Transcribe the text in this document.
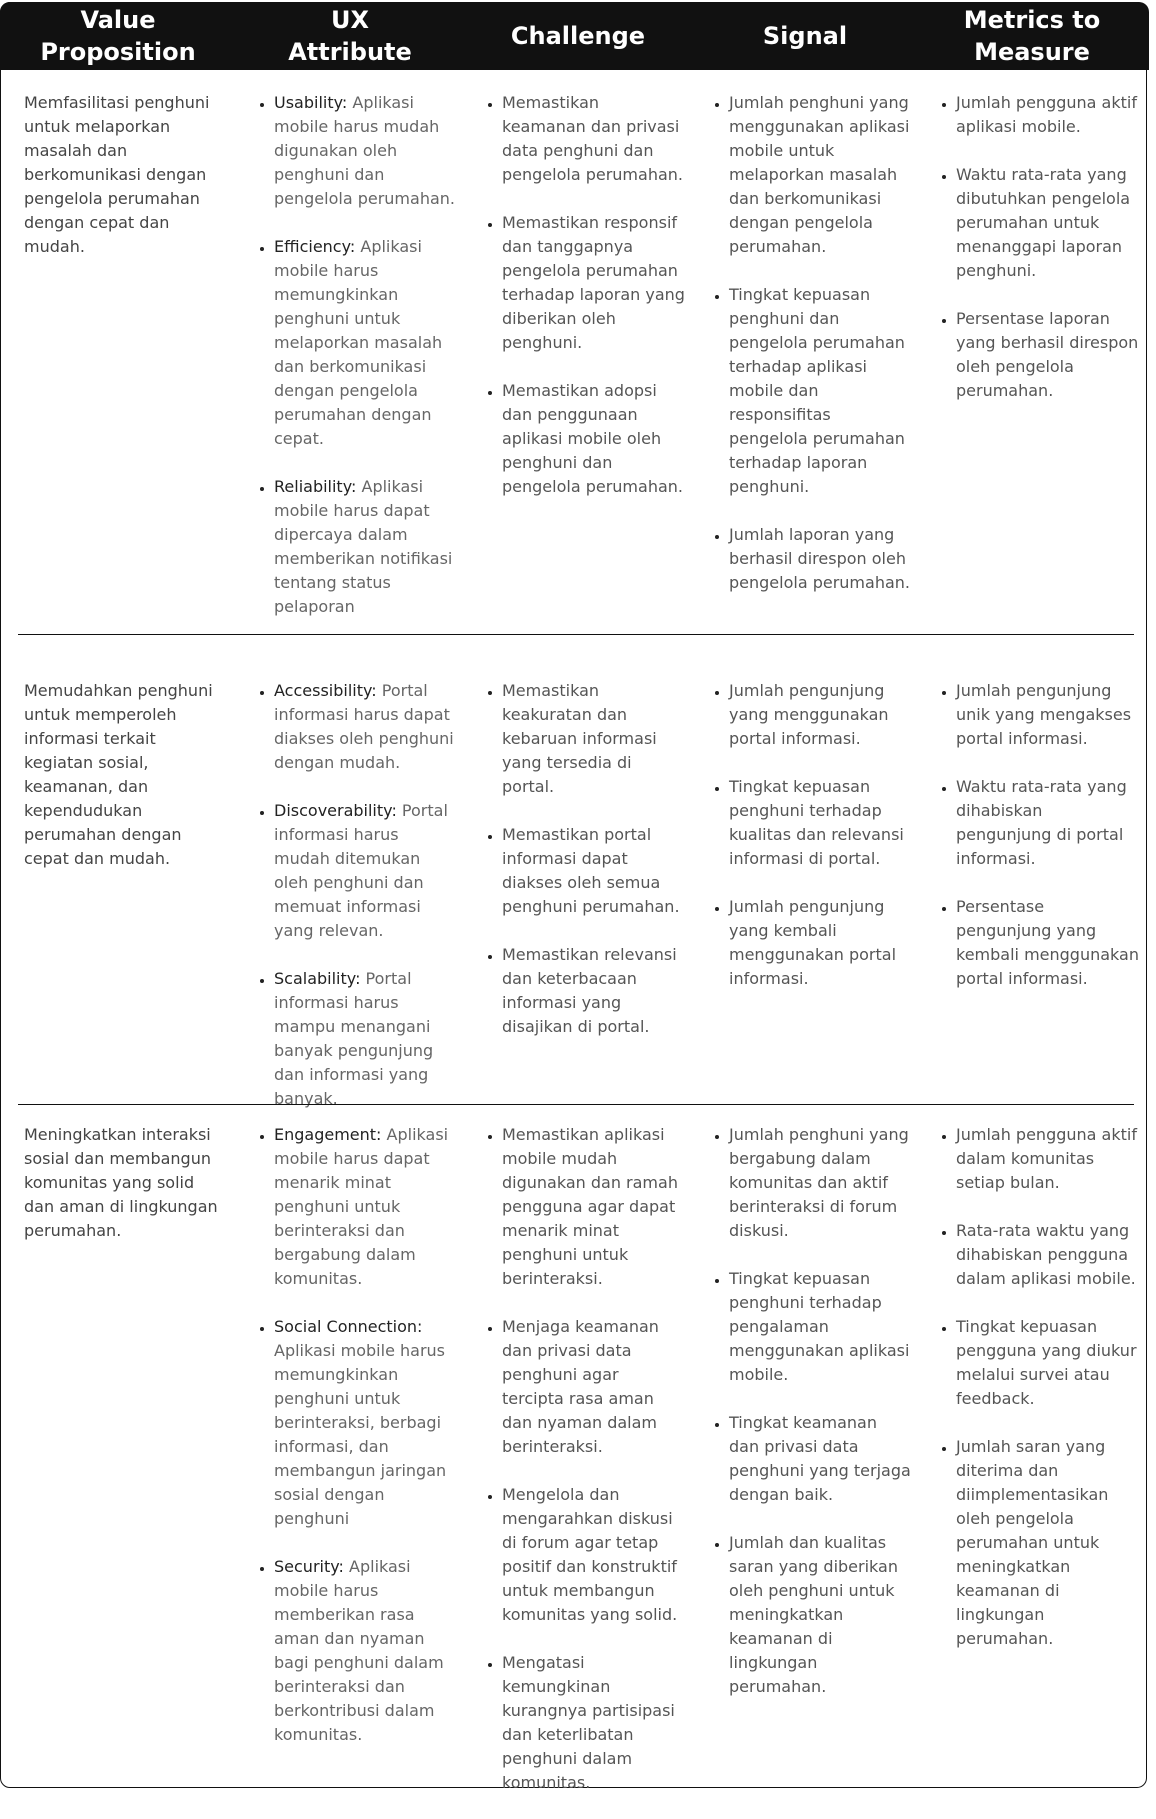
Value
Proposition
UX
Attribute
Challenge	Signal
Metrics to
Measure
Memfasilitasi penghuni untuk melaporkan masalah dan berkomunikasi dengan pengelola perumahan dengan cepat dan mudah.
• Usability: Aplikasi mobile harus mudah digunakan oleh penghuni dan pengelola perumahan.
• Efficiency: Aplikasi mobile harus memungkinkan penghuni untuk melaporkan masalah dan berkomunikasi dengan pengelola perumahan dengan cepat.
• Reliability: Aplikasi mobile harus dapat dipercaya dalam memberikan notifikasi tentang status pelaporan
• Memastikan keamanan dan privasi data penghuni dan pengelola perumahan.
• Memastikan responsif dan tanggapnya pengelola perumahan terhadap laporan yang diberikan oleh penghuni.
• Memastikan adopsi dan penggunaan aplikasi mobile oleh penghuni dan pengelola perumahan.
• Jumlah penghuni yang menggunakan aplikasi mobile untuk melaporkan masalah dan berkomunikasi dengan pengelola perumahan.
• Tingkat kepuasan penghuni dan pengelola perumahan terhadap aplikasi mobile dan responsifitas pengelola perumahan terhadap laporan penghuni.
• Jumlah laporan yang berhasil direspon oleh pengelola perumahan.
• Jumlah pengguna aktif aplikasi mobile.
• Waktu rata-rata yang dibutuhkan pengelola perumahan untuk menanggapi laporan penghuni.
• Persentase laporan yang berhasil direspon oleh pengelola perumahan.
Memudahkan penghuni untuk memperoleh informasi terkait kegiatan sosial, keamanan, dan kependudukan perumahan dengan cepat dan mudah.
• Accessibility: Portal informasi harus dapat diakses oleh penghuni dengan mudah.
• Discoverability: Portal informasi harus mudah ditemukan oleh penghuni dan memuat informasi yang relevan.
• Scalability: Portal informasi harus mampu menangani banyak pengunjung dan informasi yang banyak.
• Memastikan keakuratan dan kebaruan informasi yang tersedia di portal.
• Memastikan portal informasi dapat diakses oleh semua penghuni perumahan.
• Memastikan relevansi dan keterbacaan informasi yang disajikan di portal.
• Jumlah pengunjung yang menggunakan portal informasi.
• Tingkat kepuasan penghuni terhadap kualitas dan relevansi informasi di portal.
• Jumlah pengunjung yang kembali menggunakan portal informasi.
• Jumlah pengunjung unik yang mengakses portal informasi.
• Waktu rata-rata yang dihabiskan pengunjung di portal informasi.
• Persentase pengunjung yang kembali menggunakan portal informasi.
Meningkatkan interaksi sosial dan membangun komunitas yang solid dan aman di lingkungan perumahan.
• Engagement: Aplikasi mobile harus dapat menarik minat penghuni untuk berinteraksi dan bergabung dalam komunitas.
• Social Connection: Aplikasi mobile harus memungkinkan penghuni untuk berinteraksi, berbagi informasi, dan membangun jaringan sosial dengan penghuni
• Security: Aplikasi mobile harus memberikan rasa aman dan nyaman bagi penghuni dalam berinteraksi dan berkontribusi dalam komunitas.
• Memastikan aplikasi mobile mudah digunakan dan ramah pengguna agar dapat menarik minat penghuni untuk berinteraksi.
• Menjaga keamanan dan privasi data penghuni agar tercipta rasa aman dan nyaman dalam berinteraksi.
• Mengelola dan mengarahkan diskusi di forum agar tetap positif dan konstruktif untuk membangun komunitas yang solid.
• Mengatasi kemungkinan kurangnya partisipasi dan keterlibatan penghuni dalam komunitas.
• Jumlah penghuni yang bergabung dalam komunitas dan aktif berinteraksi di forum diskusi.
• Tingkat kepuasan penghuni terhadap pengalaman menggunakan aplikasi mobile.
• Tingkat keamanan dan privasi data penghuni yang terjaga dengan baik.
• Jumlah dan kualitas saran yang diberikan oleh penghuni untuk meningkatkan keamanan di lingkungan perumahan.
• Jumlah pengguna aktif dalam komunitas setiap bulan.
• Rata-rata waktu yang dihabiskan pengguna dalam aplikasi mobile.
• Tingkat kepuasan pengguna yang diukur melalui survei atau feedback.
• Jumlah saran yang diterima dan diimplementasikan oleh pengelola perumahan untuk meningkatkan keamanan di lingkungan perumahan.
